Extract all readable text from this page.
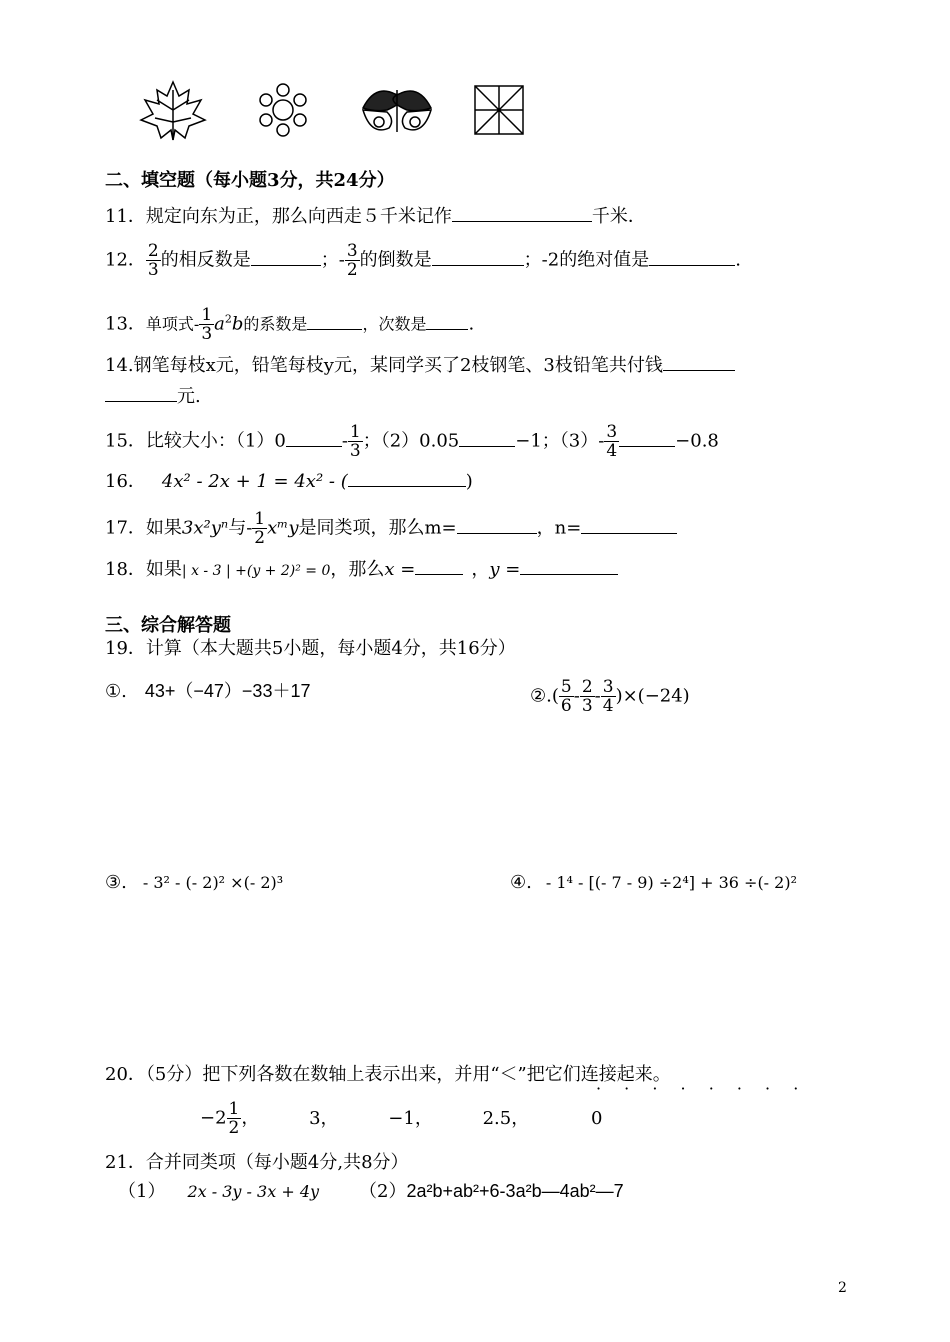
二、填空题（每小题3分，共24分）
11．规定向东为正，那么向西走５千米记作	千米．
12． $\frac{2}{3}$ 的相反数是	；- $\frac{3}{2}$ 的倒数是	；-2的绝对值是	.
13．单项式- $\frac{1}{3} a^2b$的系数是	，次数是 .
14.钢笔每枝x元，铅笔每枝y元，某同学买了2枝钢笔、3枝铅笔共付钱
元.
15．比较大小：（1）0	- $\frac{1}{3}$ ；（2）0.05	−1；$(3)- \frac{3}{4}$	−0.8
16． 4x² - 2x + 1 = 4x² - (	)
17．如果3x²yⁿ与- $\frac{1}{2}$ xᵐy是同类项，那么m=	，n=
18．如果| x - 3 | +(y + 2)² = 0，那么x =	，y =
三、综合解答题
19．计算（本大题共5小题，每小题4分，共16分）
①. 43+（−47）−33＋17	②.( $\frac{5}{6} - \frac{2}{3} - \frac{3}{4} )\times(-24)$
③. - 3² - (- 2)² ×(- 2)³	④. - 1⁴ - [(- 7 - 9) ÷2⁴] + 36 ÷(- 2)²
20．（5分）把下列各数在数轴上表示出来，并用“＜”把它们连接起来。
· · · · · · · ·
$-2 \frac{1}{2}$ ，	3，	−1，	2.5，	0
21．合并同类项（每小题4分,共8分）
（1） 2x - 3y - 3x + 4y （2）2a²b+ab²+6-3a²b—4ab²—7
2
